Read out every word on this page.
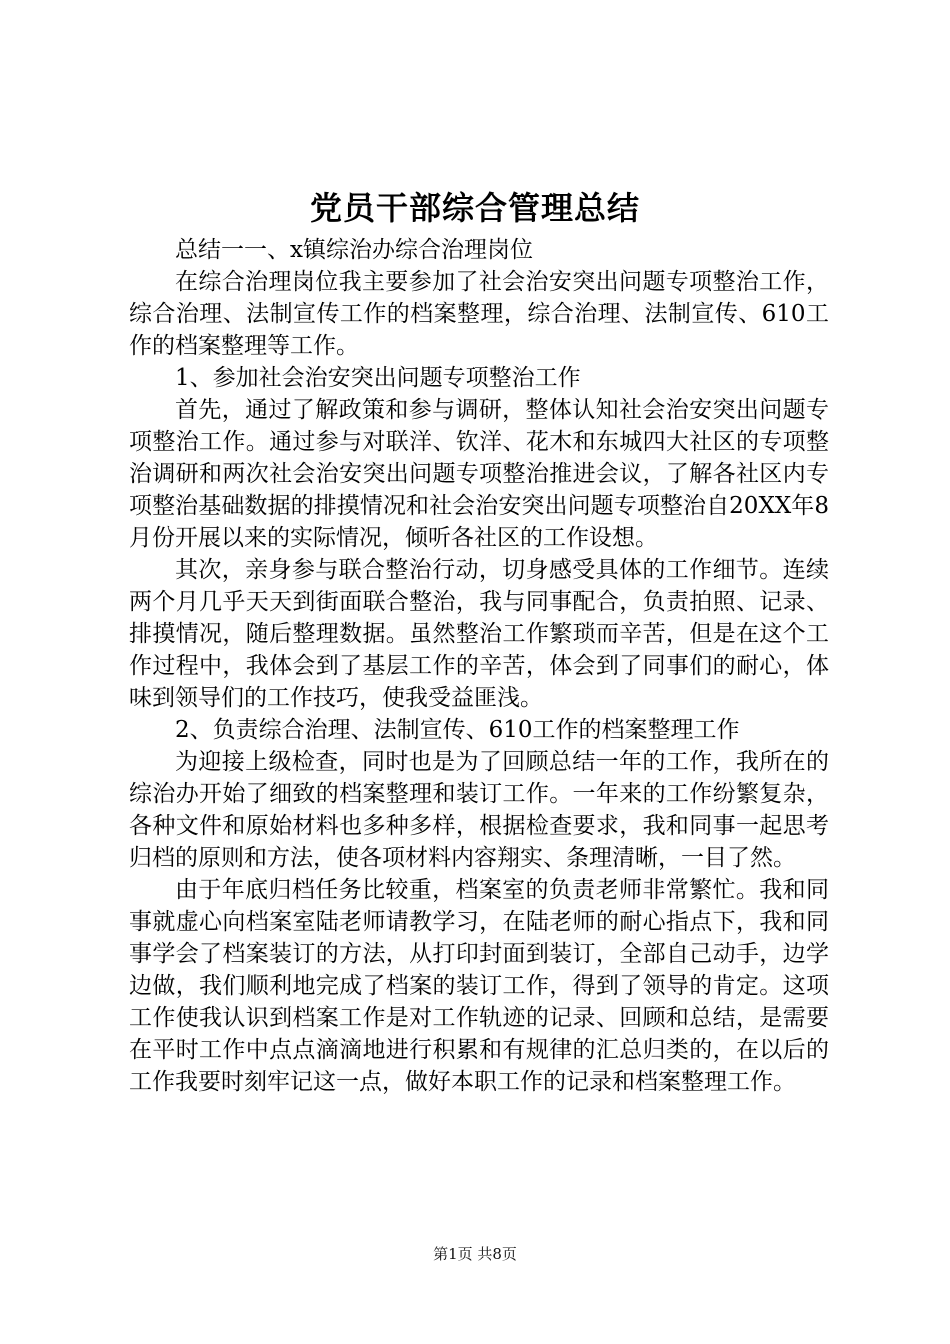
党员干部综合管理总结

总结一一、x镇综治办综合治理岗位

在综合治理岗位我主要参加了社会治安突出问题专项整治工作，综合治理、法制宣传工作的档案整理，综合治理、法制宣传、610工作的档案整理等工作。

1、参加社会治安突出问题专项整治工作

首先，通过了解政策和参与调研，整体认知社会治安突出问题专项整治工作。通过参与对联洋、钦洋、花木和东城四大社区的专项整治调研和两次社会治安突出问题专项整治推进会议，了解各社区内专项整治基础数据的排摸情况和社会治安突出问题专项整治自20XX年8月份开展以来的实际情况，倾听各社区的工作设想。

其次，亲身参与联合整治行动，切身感受具体的工作细节。连续两个月几乎天天到街面联合整治，我与同事配合，负责拍照、记录、排摸情况，随后整理数据。虽然整治工作繁琐而辛苦，但是在这个工作过程中，我体会到了基层工作的辛苦，体会到了同事们的耐心，体味到领导们的工作技巧，使我受益匪浅。

2、负责综合治理、法制宣传、610工作的档案整理工作

为迎接上级检查，同时也是为了回顾总结一年的工作，我所在的综治办开始了细致的档案整理和装订工作。一年来的工作纷繁复杂，各种文件和原始材料也多种多样，根据检查要求，我和同事一起思考归档的原则和方法，使各项材料内容翔实、条理清晰，一目了然。

由于年底归档任务比较重，档案室的负责老师非常繁忙。我和同事就虚心向档案室陆老师请教学习，在陆老师的耐心指点下，我和同事学会了档案装订的方法，从打印封面到装订，全部自己动手，边学边做，我们顺利地完成了档案的装订工作，得到了领导的肯定。这项工作使我认识到档案工作是对工作轨迹的记录、回顾和总结，是需要在平时工作中点点滴滴地进行积累和有规律的汇总归类的，在以后的工作我要时刻牢记这一点，做好本职工作的记录和档案整理工作。

第1页 共8页
